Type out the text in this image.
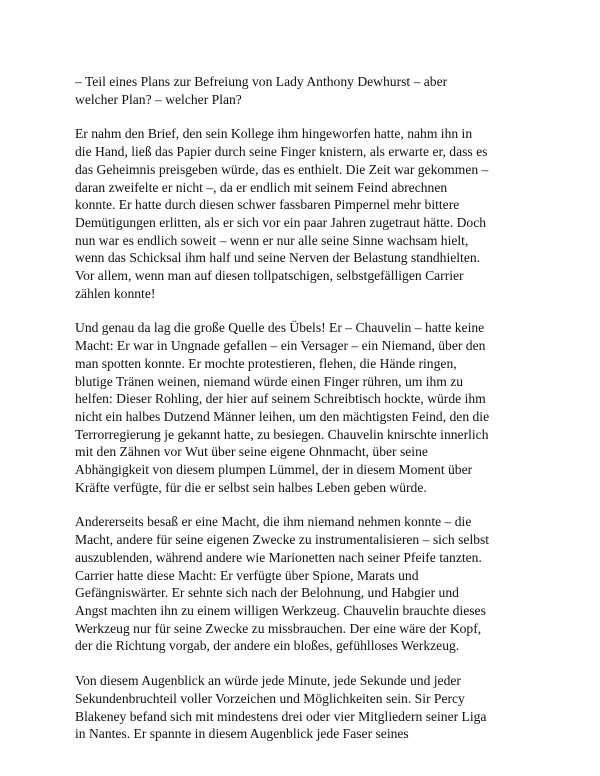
– Teil eines Plans zur Befreiung von Lady Anthony Dewhurst – aber
welcher Plan? – welcher Plan?

Er nahm den Brief, den sein Kollege ihm hingeworfen hatte, nahm ihn in
die Hand, ließ das Papier durch seine Finger knistern, als erwarte er, dass es
das Geheimnis preisgeben würde, das es enthielt. Die Zeit war gekommen –
daran zweifelte er nicht –, da er endlich mit seinem Feind abrechnen
konnte. Er hatte durch diesen schwer fassbaren Pimpernel mehr bittere
Demütigungen erlitten, als er sich vor ein paar Jahren zugetraut hätte. Doch
nun war es endlich soweit – wenn er nur alle seine Sinne wachsam hielt,
wenn das Schicksal ihm half und seine Nerven der Belastung standhielten.
Vor allem, wenn man auf diesen tollpatschigen, selbstgefälligen Carrier
zählen konnte!

Und genau da lag die große Quelle des Übels! Er – Chauvelin – hatte keine
Macht: Er war in Ungnade gefallen – ein Versager – ein Niemand, über den
man spotten konnte. Er mochte protestieren, flehen, die Hände ringen,
blutige Tränen weinen, niemand würde einen Finger rühren, um ihm zu
helfen: Dieser Rohling, der hier auf seinem Schreibtisch hockte, würde ihm
nicht ein halbes Dutzend Männer leihen, um den mächtigsten Feind, den die
Terrorregierung je gekannt hatte, zu besiegen. Chauvelin knirschte innerlich
mit den Zähnen vor Wut über seine eigene Ohnmacht, über seine
Abhängigkeit von diesem plumpen Lümmel, der in diesem Moment über
Kräfte verfügte, für die er selbst sein halbes Leben geben würde.

Andererseits besaß er eine Macht, die ihm niemand nehmen konnte – die
Macht, andere für seine eigenen Zwecke zu instrumentalisieren – sich selbst
auszublenden, während andere wie Marionetten nach seiner Pfeife tanzten.
Carrier hatte diese Macht: Er verfügte über Spione, Marats und
Gefängniswärter. Er sehnte sich nach der Belohnung, und Habgier und
Angst machten ihn zu einem willigen Werkzeug. Chauvelin brauchte dieses
Werkzeug nur für seine Zwecke zu missbrauchen. Der eine wäre der Kopf,
der die Richtung vorgab, der andere ein bloßes, gefühlloses Werkzeug.

Von diesem Augenblick an würde jede Minute, jede Sekunde und jeder
Sekundenbruchteil voller Vorzeichen und Möglichkeiten sein. Sir Percy
Blakeney befand sich mit mindestens drei oder vier Mitgliedern seiner Liga
in Nantes. Er spannte in diesem Augenblick jede Faser seines
